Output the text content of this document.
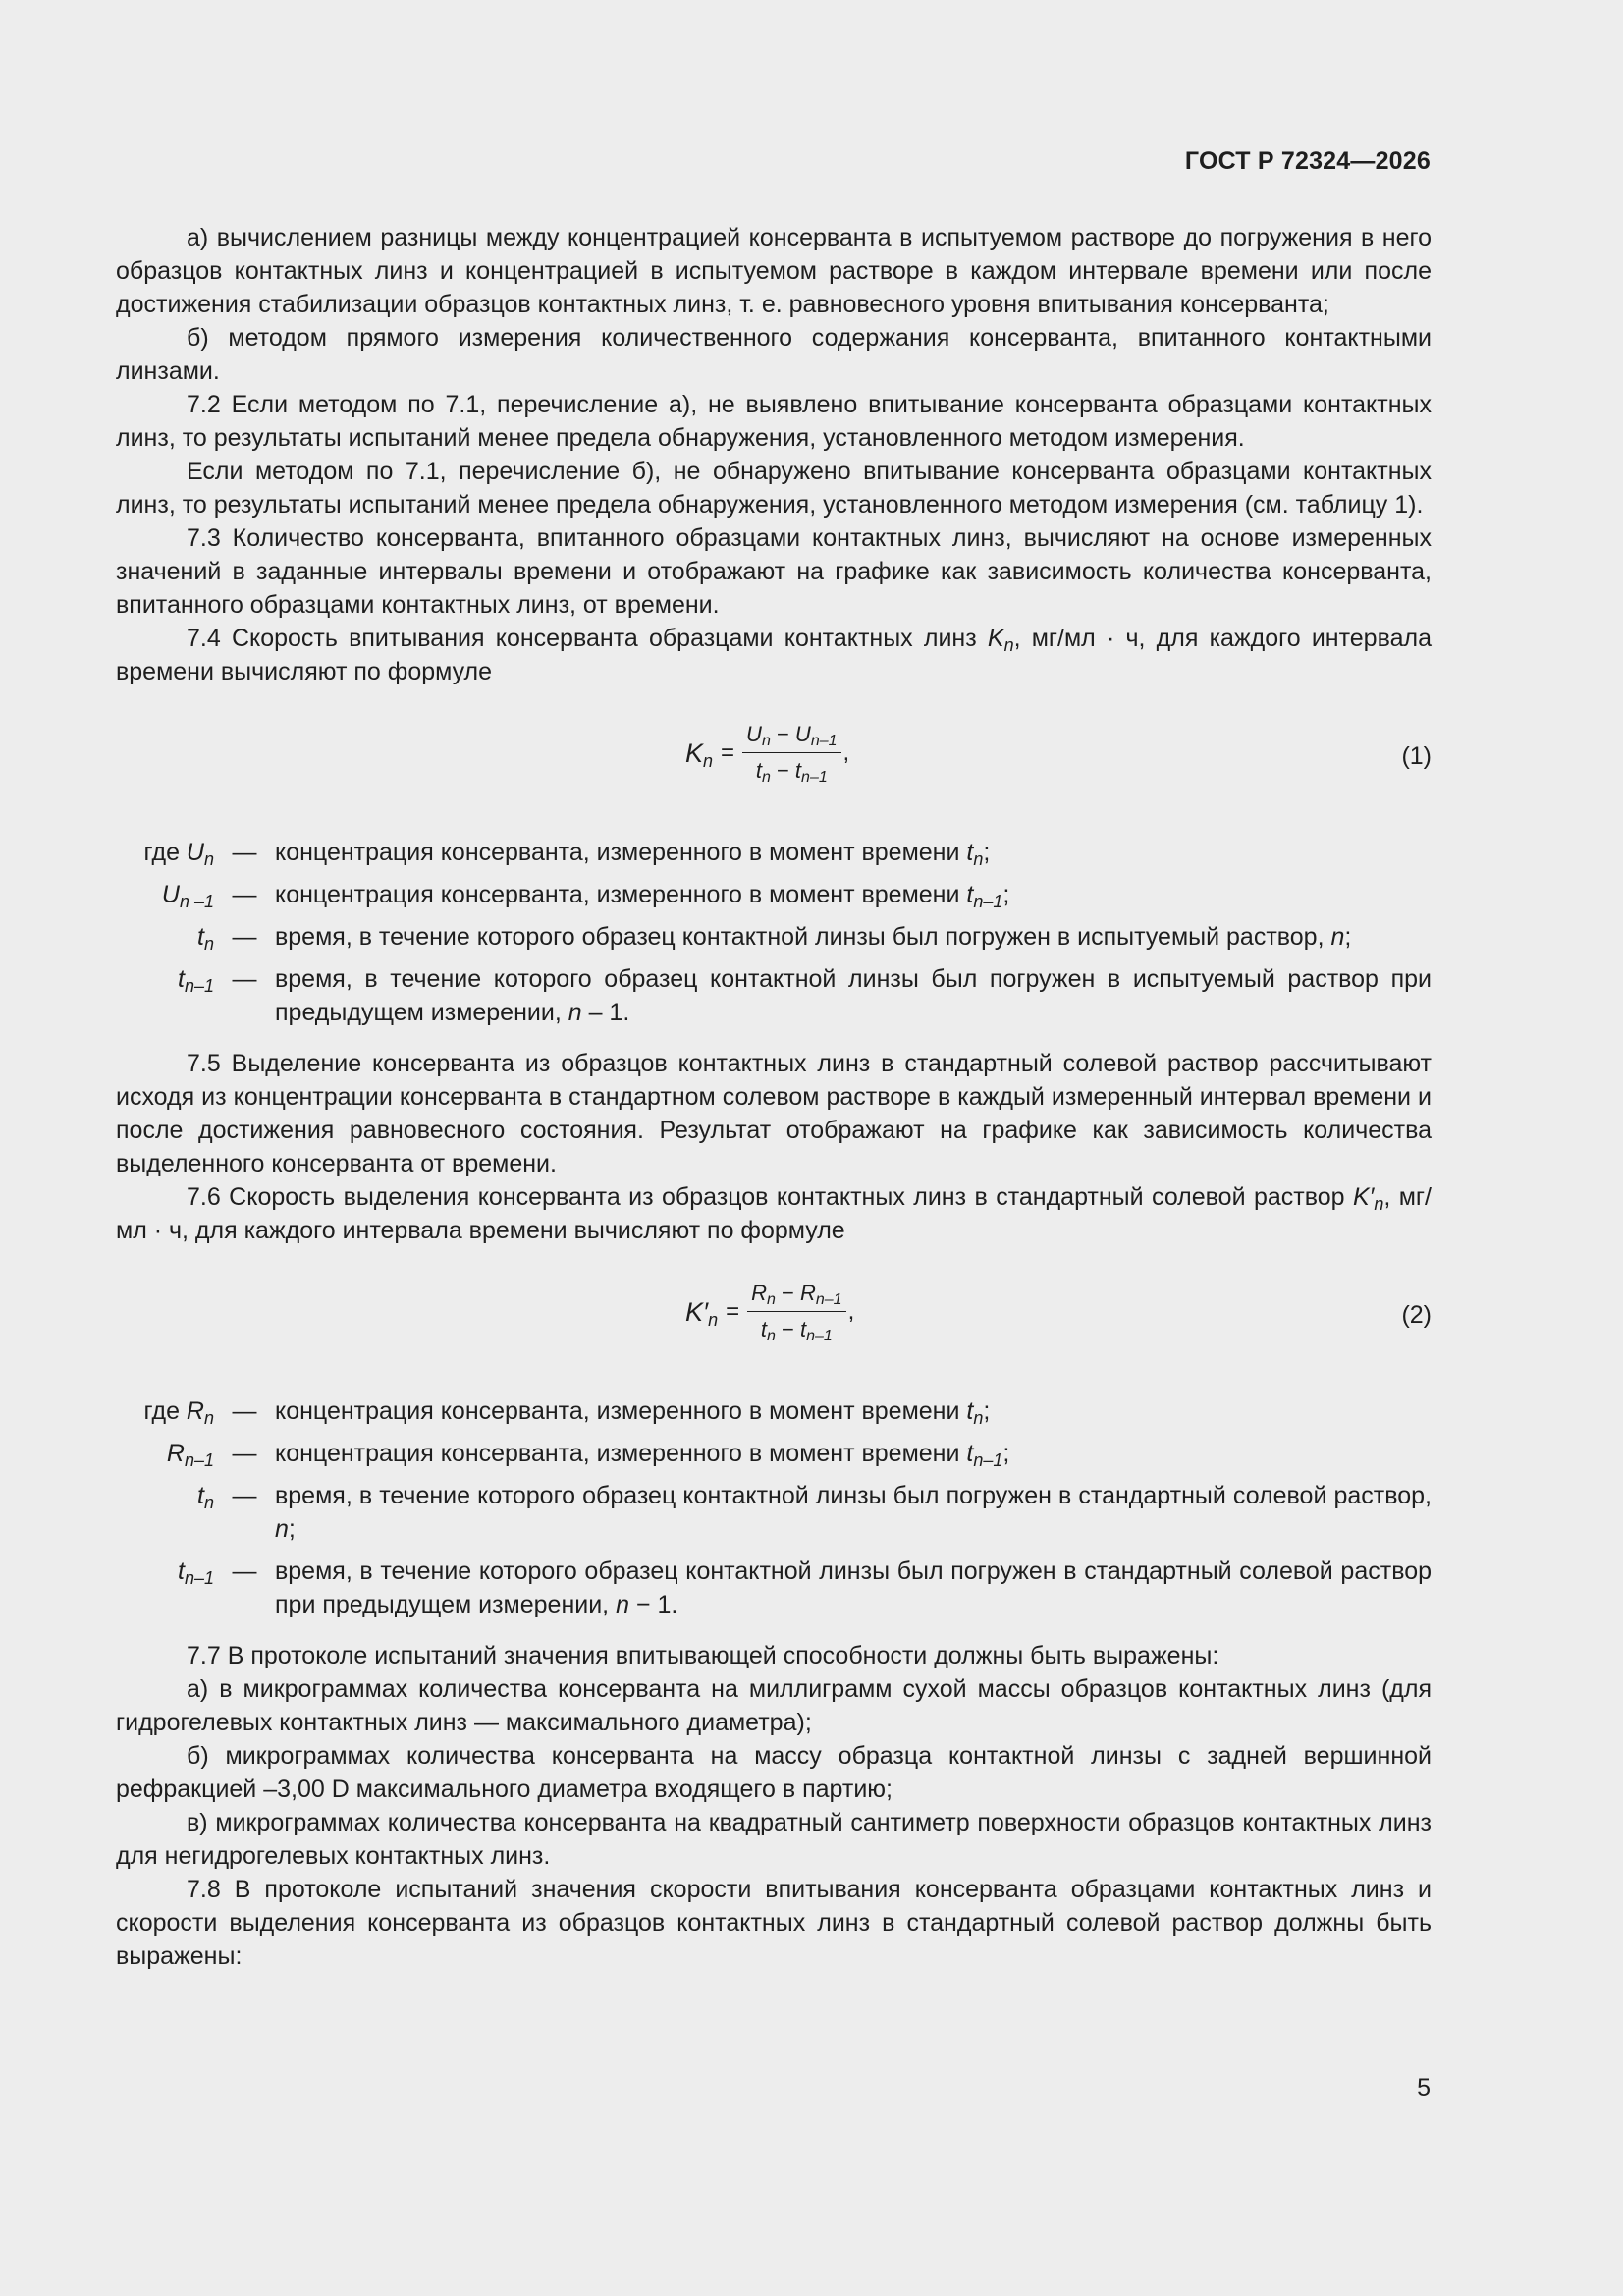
ГОСТ Р 72324—2026

а) вычислением разницы между концентрацией консерванта в испытуемом растворе до погружения в него образцов контактных линз и концентрацией в испытуемом растворе в каждом интервале времени или после достижения стабилизации образцов контактных линз, т. е. равновесного уровня впитывания консерванта;

б) методом прямого измерения количественного содержания консерванта, впитанного контактными линзами.

7.2 Если методом по 7.1, перечисление а), не выявлено впитывание консерванта образцами контактных линз, то результаты испытаний менее предела обнаружения, установленного методом измерения.

Если методом по 7.1, перечисление б), не обнаружено впитывание консерванта образцами контактных линз, то результаты испытаний менее предела обнаружения, установленного методом измерения (см. таблицу 1).

7.3 Количество консерванта, впитанного образцами контактных линз, вычисляют на основе измеренных значений в заданные интервалы времени и отображают на графике как зависимость количества консерванта, впитанного образцами контактных линз, от времени.

7.4 Скорость впитывания консерванта образцами контактных линз $K_n$, мг/мл · ч, для каждого интервала времени вычисляют по формуле

$K_n = \frac{U_n - U_{n-1}}{t_n - t_{n-1}}$ ,	(1)
где $U_n$ — концентрация консерванта, измеренного в момент времени $t_n$;
$U_{n -1}$ — концентрация консерванта, измеренного в момент времени $t_{n-1}$;
$t_n$ — время, в течение которого образец контактной линзы был погружен в испытуемый раствор, n;
$t_{n-1}$ — время, в течение которого образец контактной линзы был погружен в испытуемый раствор при предыдущем измерении, n – 1.

7.5 Выделение консерванта из образцов контактных линз в стандартный солевой раствор рассчитывают исходя из концентрации консерванта в стандартном солевом растворе в каждый измеренный интервал времени и после достижения равновесного состояния. Результат отображают на графике как зависимость количества выделенного консерванта от времени.

7.6 Скорость выделения консерванта из образцов контактных линз в стандартный солевой раствор $K'_n$, мг/мл · ч, для каждого интервала времени вычисляют по формуле

$K'_n = \frac{R_n - R_{n-1}}{t_n - t_{n-1}}$ ,	(2)
где $R_n$ — концентрация консерванта, измеренного в момент времени $t_n$;
$R_{n-1}$ — концентрация консерванта, измеренного в момент времени $t_{n-1}$;
$t_n$ — время, в течение которого образец контактной линзы был погружен в стандартный солевой раствор, n;
$t_{n-1}$ — время, в течение которого образец контактной линзы был погружен в стандартный солевой раствор при предыдущем измерении, n − 1.

7.7 В протоколе испытаний значения впитывающей способности должны быть выражены:

а) в микрограммах количества консерванта на миллиграмм сухой массы образцов контактных линз (для гидрогелевых контактных линз — максимального диаметра);

б) микрограммах количества консерванта на массу образца контактной линзы с задней вершинной рефракцией –3,00 D максимального диаметра входящего в партию;

в) микрограммах количества консерванта на квадратный сантиметр поверхности образцов контактных линз для негидрогелевых контактных линз.

7.8 В протоколе испытаний значения скорости впитывания консерванта образцами контактных линз и скорости выделения консерванта из образцов контактных линз в стандартный солевой раствор должны быть выражены:

5
